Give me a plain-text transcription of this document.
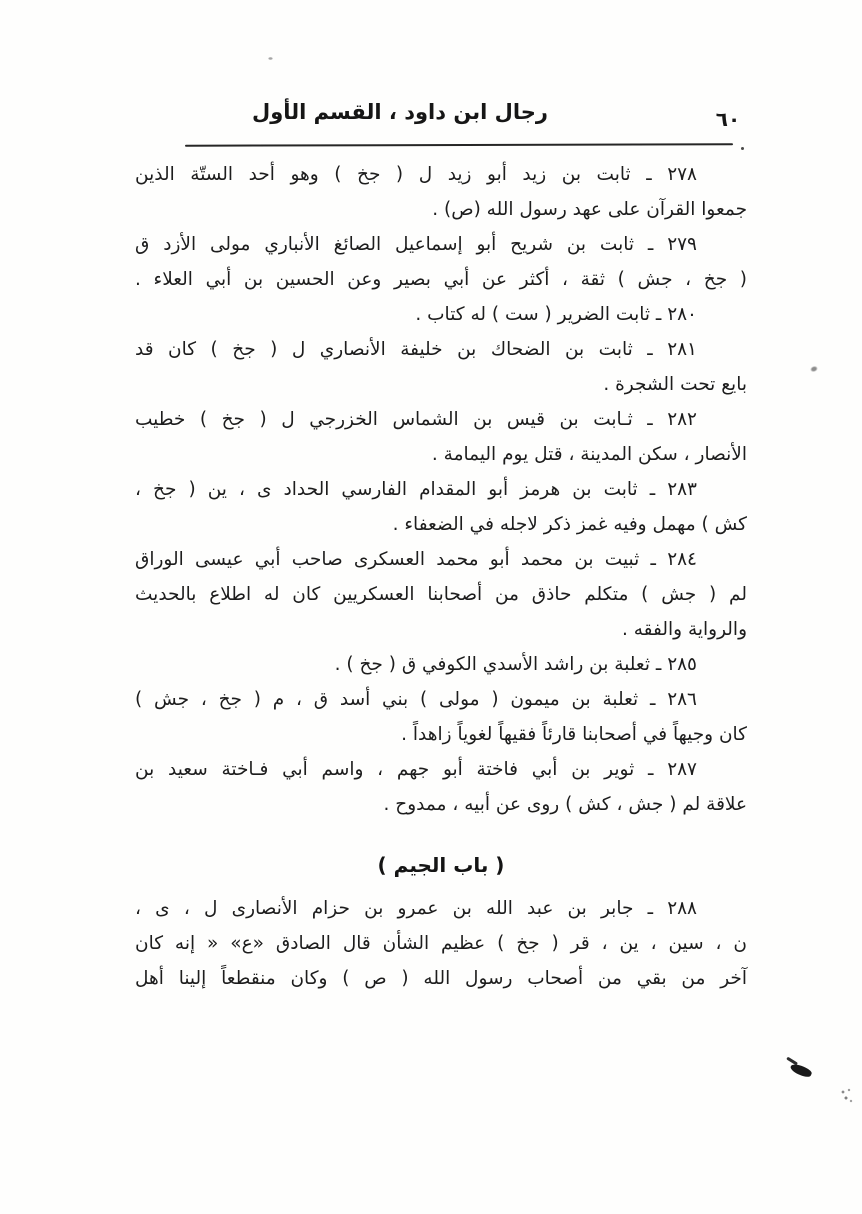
رجال ابن داود ، القسم الأول	٦٠
٢٧٨ ـ ثابت بن زيد أبو زيد ل ( جخ ) وهو أحد الستّة الذين
جمعوا القرآن على عهد رسول الله (ص) .
٢٧٩ ـ ثابت بن شريح أبو إسماعيل الصائغ الأنباري مولى الأزد ق
( جخ ، جش ) ثقة ، أكثر عن أبي بصير وعن الحسين بن أبي العلاء .
٢٨٠ ـ ثابت الضرير ( ست ) له كتاب .
٢٨١ ـ ثابت بن الضحاك بن خليفة الأنصاري ل ( جخ ) كان قد
بايع تحت الشجرة .
٢٨٢ ـ ثـابت بن قيس بن الشماس الخزرجي ل ( جخ ) خطيب
الأنصار ، سكن المدينة ، قتل يوم اليمامة .
٢٨٣ ـ ثابت بن هرمز أبو المقدام الفارسي الحداد ى ، ين ( جخ ،
كش ) مهمل وفيه غمز ذكر لاجله في الضعفاء .
٢٨٤ ـ ثبيت بن محمد أبو محمد العسكرى صاحب أبي عيسى الوراق
لم ( جش ) متكلم حاذق من أصحابنا العسكريين كان له اطلاع بالحديث
والرواية والفقه .
٢٨٥ ـ ثعلبة بن راشد الأسدي الكوفي ق ( جخ ) .
٢٨٦ ـ ثعلبة بن ميمون ( مولى ) بني أسد ق ، م ( جخ ، جش )
كان وجيهاً في أصحابنا قارئاً فقيهاً لغوياً زاهداً .
٢٨٧ ـ ثوير بن أبي فاختة أبو جهم ، واسم أبي فـاختة سعيد بن
علاقة لم ( جش ، كش ) روى عن أبيه ، ممدوح .
( باب الجيم )
٢٨٨ ـ جابر بن عبد الله بن عمرو بن حزام الأنصارى ل ، ى ،
ن ، سين ، ين ، قر ( جخ ) عظيم الشأن قال الصادق «ع» « إنه كان
آخر من بقي من أصحاب رسول الله ( ص ) وكان منقطعاً إلينا أهل
